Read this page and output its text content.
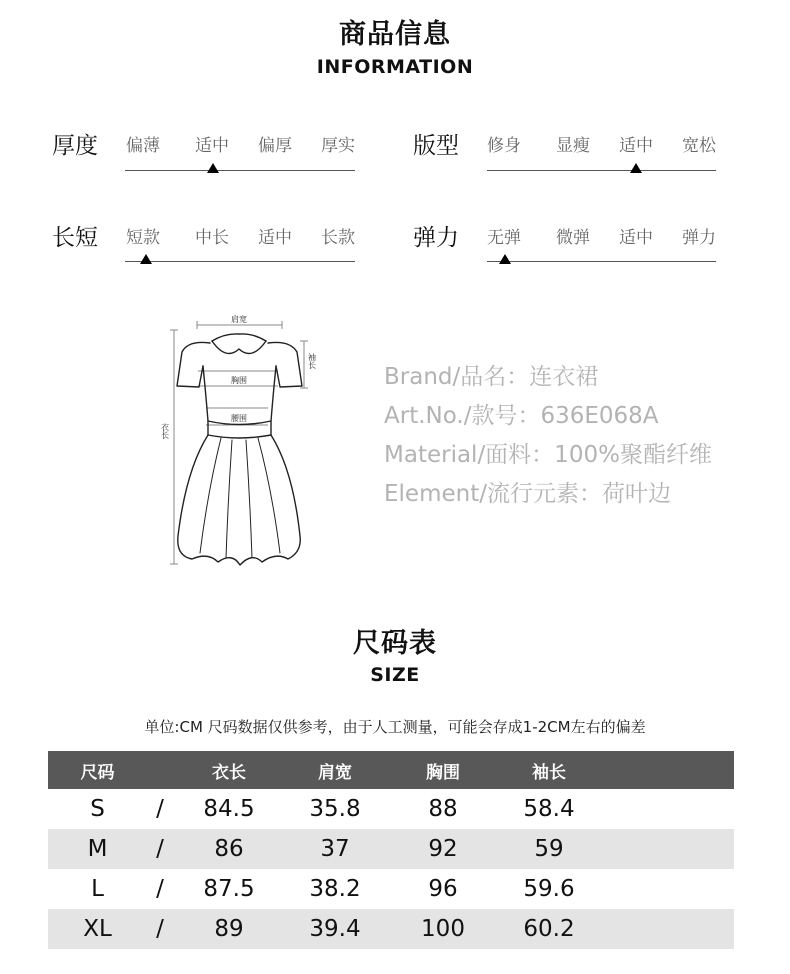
商品信息
INFORMATION
厚度	偏薄	适中	偏厚	厚实	版型	修身	显瘦	适中	宽松
长短	短款	中长	适中	长款	弹力	无弹	微弹	适中	弹力
肩宽
胸围
腰围
袖长
衣长
Brand/品名：连衣裙
Art.No./款号：636E068A
Material/面料：100%聚酯纤维
Element/流行元素：荷叶边
尺码表
SIZE
单位:CM 尺码数据仅供参考，由于人工测量，可能会存成1-2CM左右的偏差
尺码		衣长	肩宽	胸围	袖长	
S	/	84.5	35.8	88	58.4	
M	/	86	37	92	59	
L	/	87.5	38.2	96	59.6	
XL	/	89	39.4	100	60.2	
